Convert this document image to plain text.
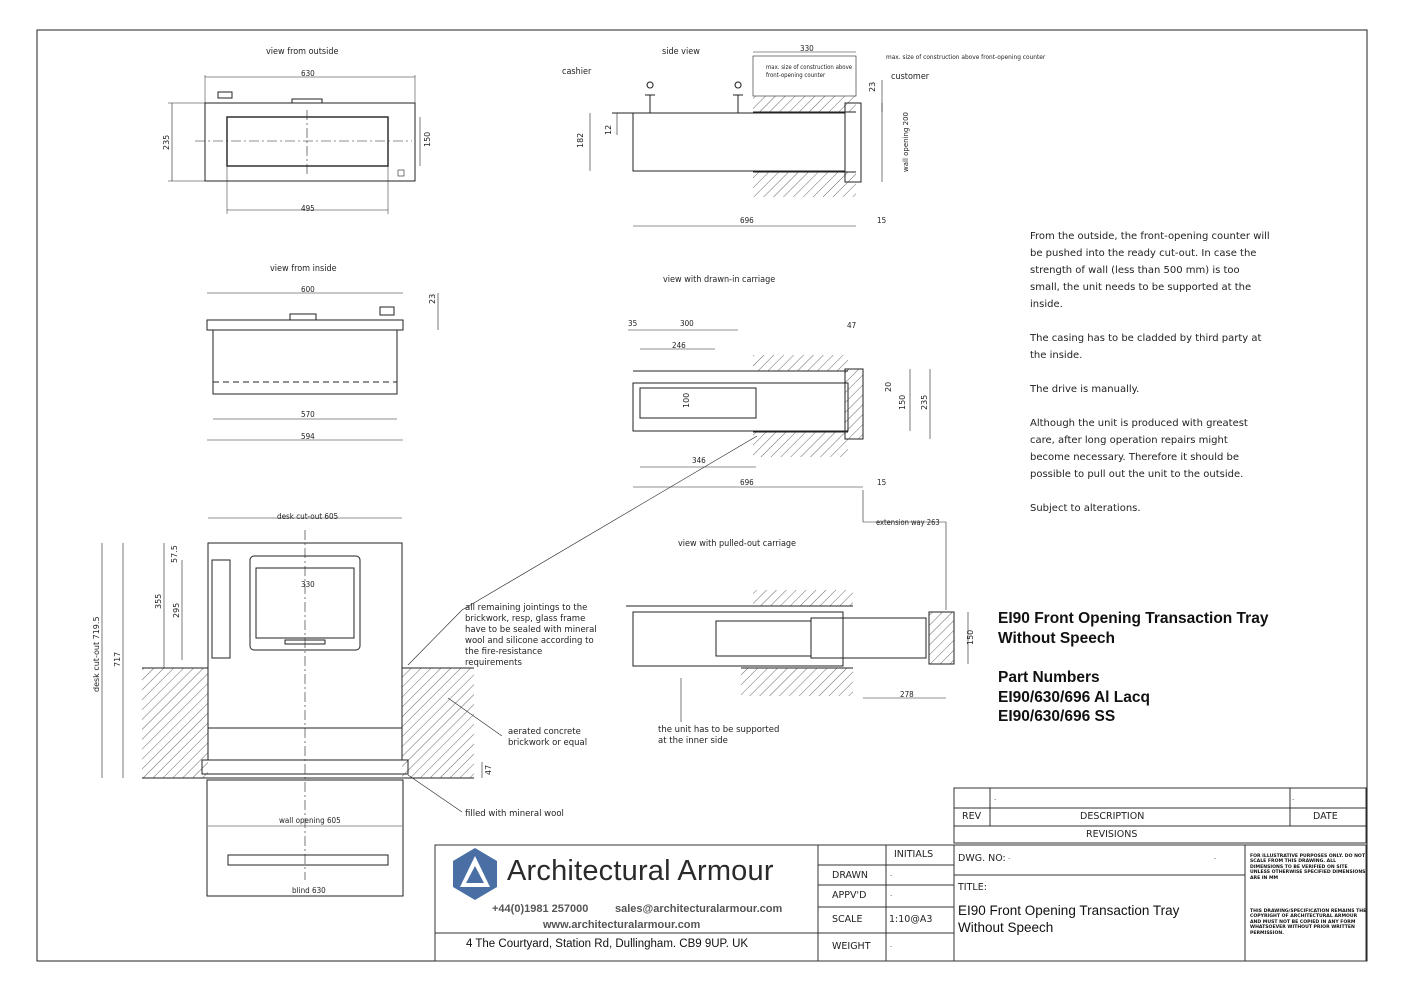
view from outside	side view
view from inside
view with drawn-in carriage
view with pulled-out carriage
cashier	customer
max. size of construction above front-opening counter
max. size of construction above front-opening counter
wall opening 200
630
235	150
495
330
23
182
12
696	15
600
23
570
594
35	300	47
246
100
20
150 235
346
696	15
extension way 263
150
278
desk cut-out 605
57.5
355
295
330
717
desk cut-out 719.5
47
wall opening 605
blind 630
all remaining jointings to the
brickwork, resp, glass frame
have to be sealed with mineral
wool and silicone according to
the fire-resistance
requirements
aerated concrete
brickwork or equal
filled with mineral wool
the unit has to be supported
at the inner side

From the outside, the front-opening counter will be pushed into the ready cut-out. In case the strength of wall (less than 500 mm) is too small, the unit needs to be supported at the inside.

The casing has to be cladded by third party at the inside.

The drive is manually.

Although the unit is produced with greatest care, after long operation repairs might become necessary. Therefore it should be possible to pull out the unit to the outside.

Subject to alterations.

EI90 Front Opening Transaction Tray
Without Speech
Part Numbers
EI90/630/696 Al Lacq
EI90/630/696 SS
.	.
REV	DESCRIPTION	DATE
REVISIONS
INITIALS
DRAWN	.
APPV'D	.
SCALE	1:10@A3
WEIGHT	.
DWG. NO: .	.
TITLE:
EI90 Front Opening Transaction Tray
Without Speech
FOR ILLUSTRATIVE PURPOSES ONLY. DO NOT SCALE FROM THIS DRAWING. ALL DIMENSIONS TO BE VERIFIED ON SITE UNLESS OTHERWISE SPECIFIED DIMENSIONS ARE IN MM
THIS DRAWING/SPECIFICATION REMAINS THE COPYRIGHT OF ARCHITECTURAL ARMOUR AND MUST NOT BE COPIED IN ANY FORM WHATSOEVER WITHOUT PRIOR WRITTEN PERMISSION.
Architectural Armour
+44(0)1981 257000 sales@architecturalarmour.com
www.architecturalarmour.com
4 The Courtyard, Station Rd, Dullingham. CB9 9UP. UK
